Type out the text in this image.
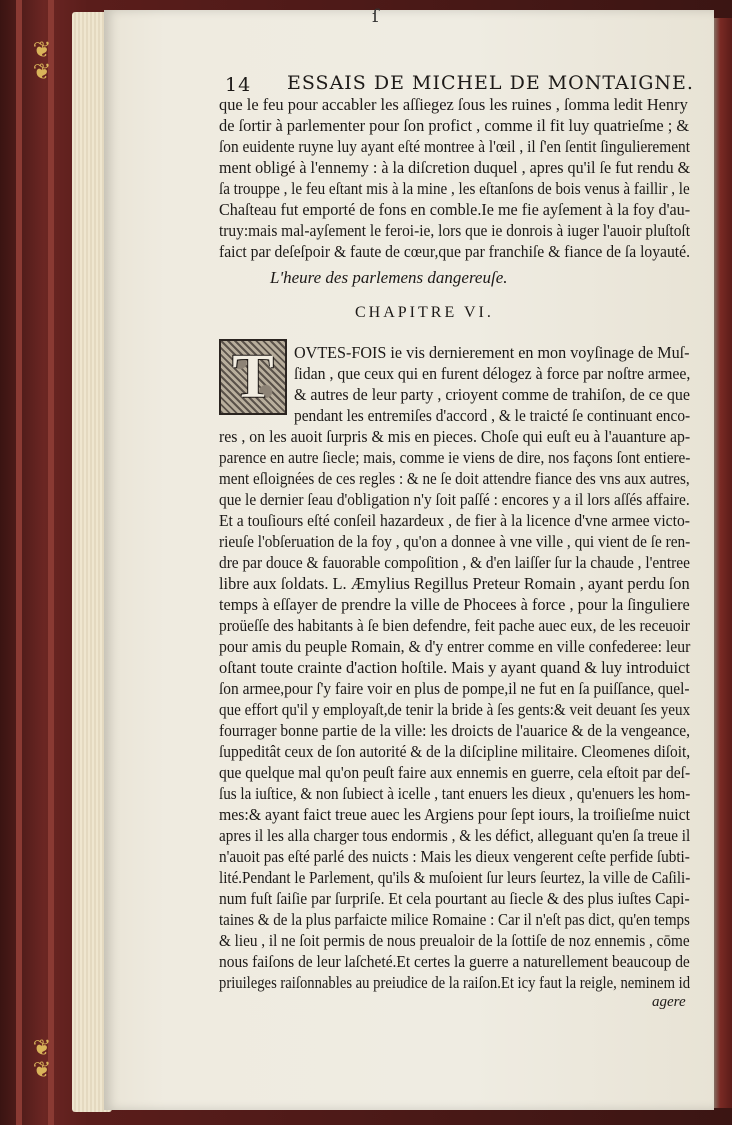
❦
❦
❦
❦
ſ
14 ESSAIS DE MICHEL DE MONTAIGNE.
que le feu pour accabler les aſſiegez ſous les ruines , ſomma ledit Henry
de ſortir à parlementer pour ſon profict , comme il fit luy quatrieſme ; &
ſon euidente ruyne luy ayant eſté montree à l'œil , il ſ'en ſentit ſingulierement
ment obligé à l'ennemy : à la diſcretion duquel , apres qu'il ſe fut rendu &
ſa trouppe , le feu eſtant mis à la mine , les eſtanſons de bois venus à faillir , le
Chaſteau fut emporté de fons en comble.Ie me fie ayſement à la foy d'au-
truy:mais mal-ayſement le feroi-ie, lors que ie donrois à iuger l'auoir pluſtoſt
faict par deſeſpoir & faute de cœur,que par franchiſe & fiance de ſa loyauté.
L'heure des parlemens dangereuſe.
CHAPITRE VI.
T OVTES-FOIS ie vis dernierement en mon voyſinage de Muſ-
ſidan , que ceux qui en furent délogez à force par noſtre armee,
& autres de leur party , crioyent comme de trahiſon, de ce que
pendant les entremiſes d'accord , & le traicté ſe continuant enco-
res , on les auoit ſurpris & mis en pieces. Choſe qui euſt eu à l'auanture ap-
parence en autre ſiecle; mais, comme ie viens de dire, nos façons ſont entiere-
ment eſloignées de ces regles : & ne ſe doit attendre fiance des vns aux autres,
que le dernier ſeau d'obligation n'y ſoit paſſé : encores y a il lors aſſés affaire.
Et a touſiours eſté conſeil hazardeux , de fier à la licence d'vne armee victo-
rieuſe l'obſeruation de la foy , qu'on a donnee à vne ville , qui vient de ſe ren-
dre par douce & fauorable compoſition , & d'en laiſſer ſur la chaude , l'entree
libre aux ſoldats. L. Æmylius Regillus Preteur Romain , ayant perdu ſon
temps à eſſayer de prendre la ville de Phocees à force , pour la ſinguliere
proüeſſe des habitants à ſe bien defendre, feit pache auec eux, de les receuoir
pour amis du peuple Romain, & d'y entrer comme en ville confederee: leur
oſtant toute crainte d'action hoſtile. Mais y ayant quand & luy introduict
ſon armee,pour ſ'y faire voir en plus de pompe,il ne fut en ſa puiſſance, quel-
que effort qu'il y employaſt,de tenir la bride à ſes gents:& veit deuant ſes yeux
fourrager bonne partie de la ville: les droicts de l'auarice & de la vengeance,
ſuppeditât ceux de ſon autorité & de la diſcipline militaire. Cleomenes diſoit,
que quelque mal qu'on peuſt faire aux ennemis en guerre, cela eſtoit par deſ-
ſus la iuſtice, & non ſubiect à icelle , tant enuers les dieux , qu'enuers les hom-
mes:& ayant faict treue auec les Argiens pour ſept iours, la troiſieſme nuict
apres il les alla charger tous endormis , & les défict, alleguant qu'en ſa treue il
n'auoit pas eſté parlé des nuicts : Mais les dieux vengerent ceſte perfide ſubti-
lité.Pendant le Parlement, qu'ils & muſoient ſur leurs ſeurtez, la ville de Caſili-
num fuſt ſaiſie par ſurpriſe. Et cela pourtant au ſiecle & des plus iuſtes Capi-
taines & de la plus parfaicte milice Romaine : Car il n'eſt pas dict, qu'en temps
& lieu , il ne ſoit permis de nous preualoir de la ſottiſe de noz ennemis , cōme
nous faiſons de leur laſcheté.Et certes la guerre a naturellement beaucoup de
priuileges raiſonnables au preiudice de la raiſon.Et icy faut la reigle, neminem id
agere
